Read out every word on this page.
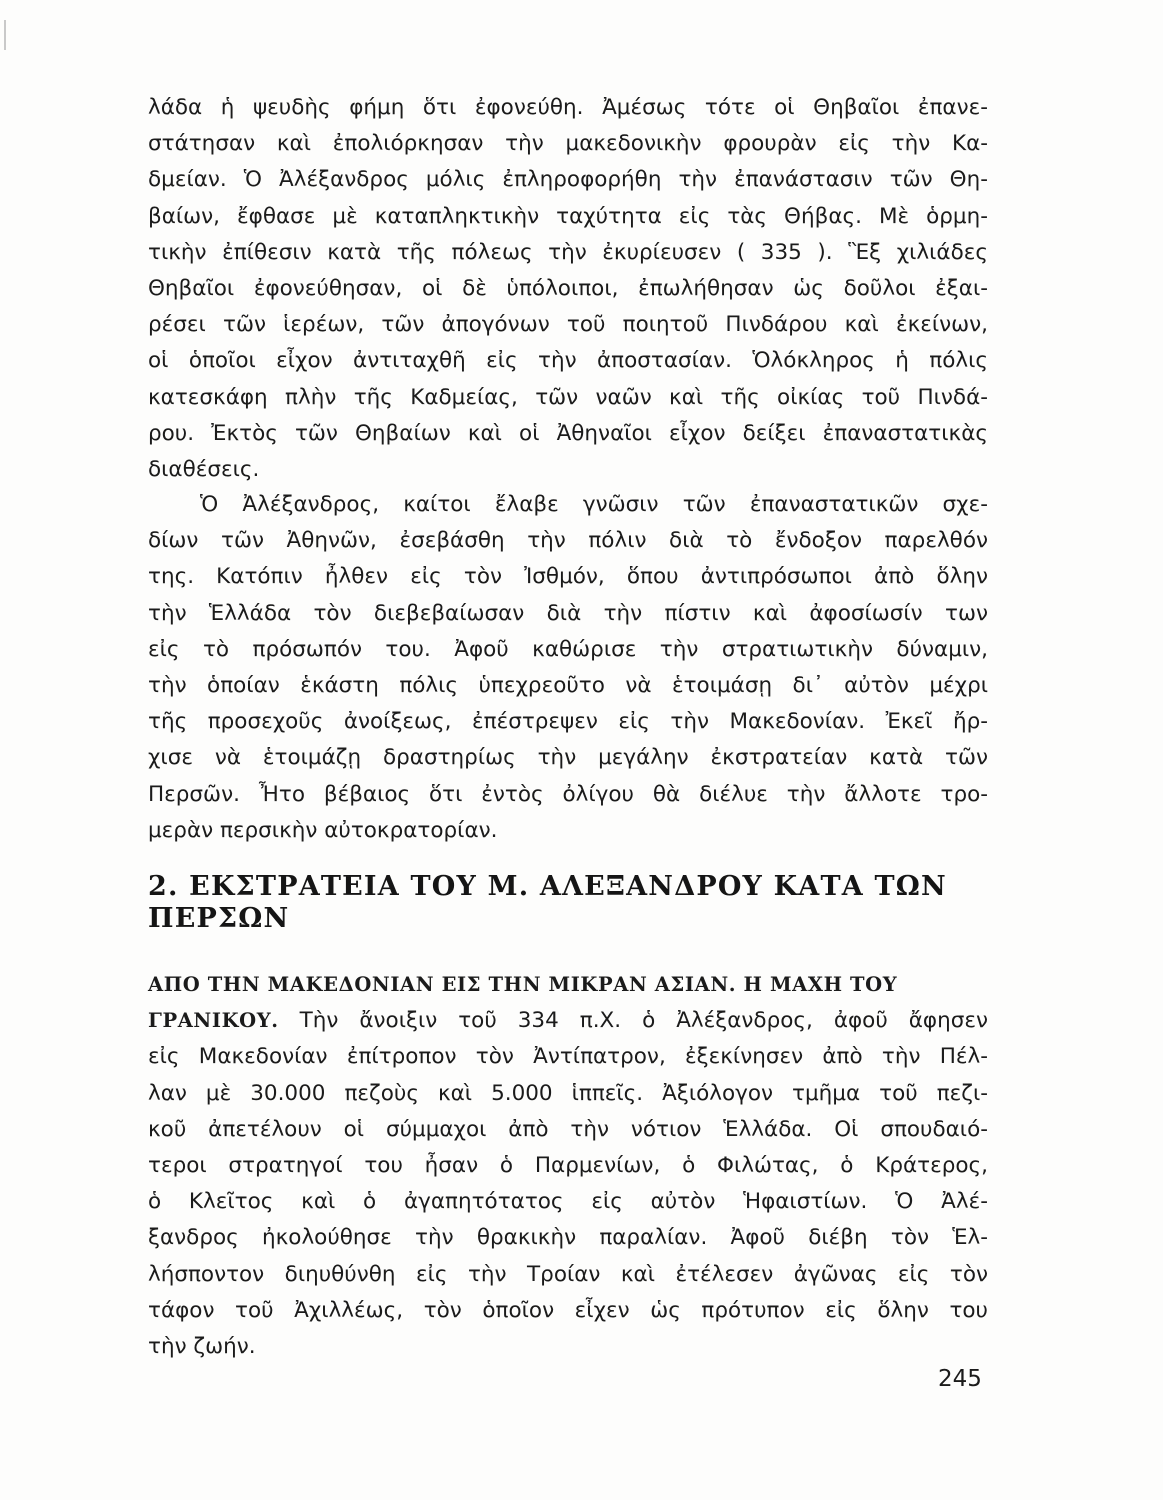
λάδα ἡ ψευδὴς φήμη ὅτι ἐφονεύθη. Ἀμέσως τότε οἱ Θηβαῖοι ἐπανε-
στάτησαν καὶ ἐπολιόρκησαν τὴν μακεδονικὴν φρουρὰν εἰς τὴν Κα-
δμείαν. Ὁ Ἀλέξανδρος μόλις ἐπληροφορήθη τὴν ἐπανάστασιν τῶν Θη-
βαίων, ἔφθασε μὲ καταπληκτικὴν ταχύτητα εἰς τὰς Θήβας. Μὲ ὁρμη-
τικὴν ἐπίθεσιν κατὰ τῆς πόλεως τὴν ἐκυρίευσεν ( 335 ). Ἓξ χιλιάδες
Θηβαῖοι ἐφονεύθησαν, οἱ δὲ ὑπόλοιποι, ἐπωλήθησαν ὡς δοῦλοι ἐξαι-
ρέσει τῶν ἱερέων, τῶν ἀπογόνων τοῦ ποιητοῦ Πινδάρου καὶ ἐκείνων,
οἱ ὁποῖοι εἶχον ἀντιταχθῆ εἰς τὴν ἀποστασίαν. Ὁλόκληρος ἡ πόλις
κατεσκάφη πλὴν τῆς Καδμείας, τῶν ναῶν καὶ τῆς οἰκίας τοῦ Πινδά-
ρου. Ἐκτὸς τῶν Θηβαίων καὶ οἱ Ἀθηναῖοι εἶχον δείξει ἐπαναστατικὰς
διαθέσεις.
Ὁ Ἀλέξανδρος, καίτοι ἔλαβε γνῶσιν τῶν ἐπαναστατικῶν σχε-
δίων τῶν Ἀθηνῶν, ἐσεβάσθη τὴν πόλιν διὰ τὸ ἔνδοξον παρελθόν
της. Κατόπιν ἦλθεν εἰς τὸν Ἰσθμόν, ὅπου ἀντιπρόσωποι ἀπὸ ὅλην
τὴν Ἑλλάδα τὸν διεβεβαίωσαν διὰ τὴν πίστιν καὶ ἀφοσίωσίν των
εἰς τὸ πρόσωπόν του. Ἀφοῦ καθώρισε τὴν στρατιωτικὴν δύναμιν,
τὴν ὁποίαν ἑκάστη πόλις ὑπεχρεοῦτο νὰ ἑτοιμάσῃ δι᾽ αὐτὸν μέχρι
τῆς προσεχοῦς ἀνοίξεως, ἐπέστρεψεν εἰς τὴν Μακεδονίαν. Ἐκεῖ ἤρ-
χισε νὰ ἑτοιμάζῃ δραστηρίως τὴν μεγάλην ἐκστρατείαν κατὰ τῶν
Περσῶν. Ἦτο βέβαιος ὅτι ἐντὸς ὀλίγου θὰ διέλυε τὴν ἄλλοτε τρο-
μερὰν περσικὴν αὐτοκρατορίαν.
2. ΕΚΣΤΡΑΤΕΙΑ ΤΟΥ Μ. ΑΛΕΞΑΝΔΡΟΥ ΚΑΤΑ ΤΩΝ
ΠΕΡΣΩΝ
ΑΠΟ ΤΗΝ ΜΑΚΕΔΟΝΙΑΝ ΕΙΣ ΤΗΝ ΜΙΚΡΑΝ ΑΣΙΑΝ. Η ΜΑΧΗ ΤΟΥ
ΓΡΑΝΙΚΟΥ. Τὴν ἄνοιξιν τοῦ 334 π.Χ. ὁ Ἀλέξανδρος, ἀφοῦ ἄφησεν
εἰς Μακεδονίαν ἐπίτροπον τὸν Ἀντίπατρον, ἐξεκίνησεν ἀπὸ τὴν Πέλ-
λαν μὲ 30.000 πεζοὺς καὶ 5.000 ἱππεῖς. Ἀξιόλογον τμῆμα τοῦ πεζι-
κοῦ ἀπετέλουν οἱ σύμμαχοι ἀπὸ τὴν νότιον Ἑλλάδα. Οἱ σπουδαιό-
τεροι στρατηγοί του ἦσαν ὁ Παρμενίων, ὁ Φιλώτας, ὁ Κράτερος,
ὁ Κλεῖτος καὶ ὁ ἀγαπητότατος εἰς αὐτὸν Ἡφαιστίων. Ὁ Ἀλέ-
ξανδρος ἠκολούθησε τὴν θρακικὴν παραλίαν. Ἀφοῦ διέβη τὸν Ἑλ-
λήσποντον διηυθύνθη εἰς τὴν Τροίαν καὶ ἐτέλεσεν ἀγῶνας εἰς τὸν
τάφον τοῦ Ἀχιλλέως, τὸν ὁποῖον εἶχεν ὡς πρότυπον εἰς ὅλην του
τὴν ζωήν.
245
